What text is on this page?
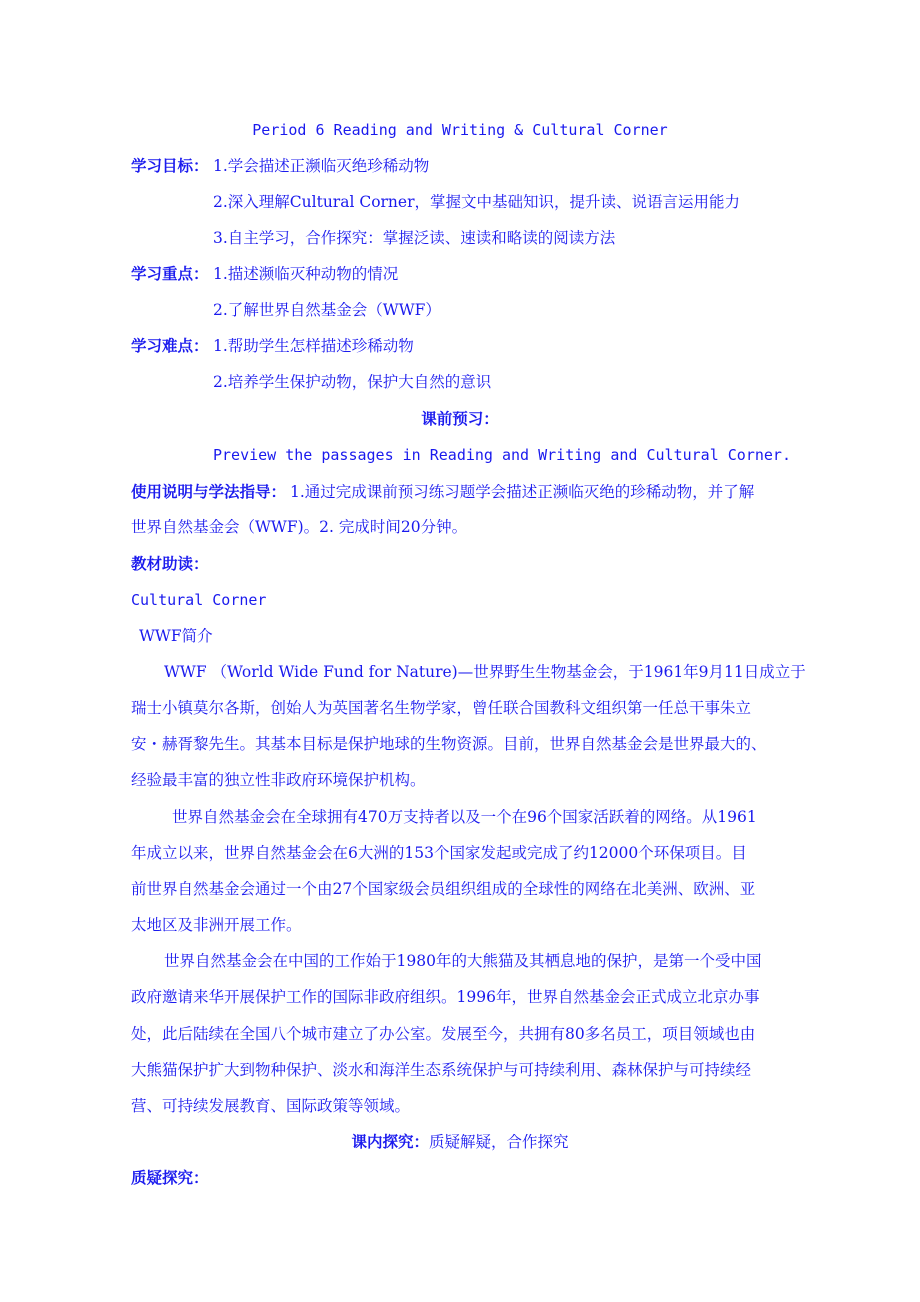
Period 6 Reading and Writing & Cultural Corner
学习目标： 1.学会描述正濒临灭绝珍稀动物
2.深入理解Cultural Corner，掌握文中基础知识，提升读、说语言运用能力
3.自主学习，合作探究：掌握泛读、速读和略读的阅读方法
学习重点： 1.描述濒临灭种动物的情况
2.了解世界自然基金会（WWF）
学习难点： 1.帮助学生怎样描述珍稀动物
2.培养学生保护动物，保护大自然的意识
课前预习：
Preview the passages in Reading and Writing and Cultural Corner.
使用说明与学法指导： 1.通过完成课前预习练习题学会描述正濒临灭绝的珍稀动物，并了解
世界自然基金会（WWF)。2. 完成时间20分钟。
教材助读：
Cultural Corner
WWF简介
WWF （World Wide Fund for Nature)—世界野生生物基金会，于1961年9月11日成立于
瑞士小镇莫尔各斯，创始人为英国著名生物学家，曾任联合国教科文组织第一任总干事朱立
安・赫胥黎先生。其基本目标是保护地球的生物资源。目前，世界自然基金会是世界最大的、
经验最丰富的独立性非政府环境保护机构。
世界自然基金会在全球拥有470万支持者以及一个在96个国家活跃着的网络。从1961
年成立以来，世界自然基金会在6大洲的153个国家发起或完成了约12000个环保项目。目
前世界自然基金会通过一个由27个国家级会员组织组成的全球性的网络在北美洲、欧洲、亚
太地区及非洲开展工作。
世界自然基金会在中国的工作始于1980年的大熊猫及其栖息地的保护，是第一个受中国
政府邀请来华开展保护工作的国际非政府组织。1996年，世界自然基金会正式成立北京办事
处，此后陆续在全国八个城市建立了办公室。发展至今，共拥有80多名员工，项目领域也由
大熊猫保护扩大到物种保护、淡水和海洋生态系统保护与可持续利用、森林保护与可持续经
营、可持续发展教育、国际政策等领域。
课内探究：质疑解疑，合作探究
质疑探究：
